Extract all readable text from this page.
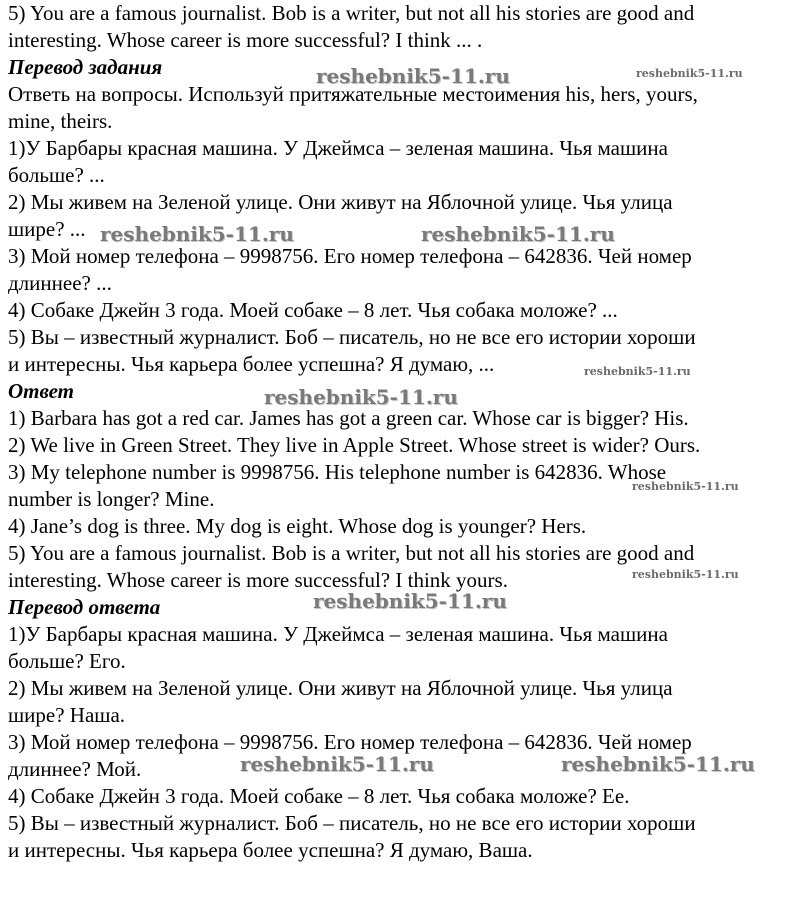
5) You are a famous journalist. Bob is a writer, but not all his stories are good and
interesting. Whose career is more successful? I think ... .
Перевод задания
Ответь на вопросы. Используй притяжательные местоимения his, hers, yours,
mine, theirs.
1)У Барбары красная машина. У Джеймса – зеленая машина. Чья машина
больше? ...
2) Мы живем на Зеленой улице. Они живут на Яблочной улице. Чья улица
шире? ...
3) Мой номер телефона – 9998756. Его номер телефона – 642836. Чей номер
длиннее? ...
4) Собаке Джейн 3 года. Моей собаке – 8 лет. Чья собака моложе? ...
5) Вы – известный журналист. Боб – писатель, но не все его истории хороши
и интересны. Чья карьера более успешна? Я думаю, ...
Ответ
1) Barbara has got a red car. James has got a green car. Whose car is bigger? His.
2) We live in Green Street. They live in Apple Street. Whose street is wider? Ours.
3) My telephone number is 9998756. His telephone number is 642836. Whose
number is longer? Mine.
4) Jane’s dog is three. My dog is eight. Whose dog is younger? Hers.
5) You are a famous journalist. Bob is a writer, but not all his stories are good and
interesting. Whose career is more successful? I think yours.
Перевод ответа
1)У Барбары красная машина. У Джеймса – зеленая машина. Чья машина
больше? Его.
2) Мы живем на Зеленой улице. Они живут на Яблочной улице. Чья улица
шире? Наша.
3) Мой номер телефона – 9998756. Его номер телефона – 642836. Чей номер
длиннее? Мой.
4) Собаке Джейн 3 года. Моей собаке – 8 лет. Чья собака моложе? Ее.
5) Вы – известный журналист. Боб – писатель, но не все его истории хороши
и интересны. Чья карьера более успешна? Я думаю, Ваша.
reshebnik5-11.ru	reshebnik5-11.ru
reshebnik5-11.ru	reshebnik5-11.ru
reshebnik5-11.ru
reshebnik5-11.ru
reshebnik5-11.ru
reshebnik5-11.ru
reshebnik5-11.ru
reshebnik5-11.ru	reshebnik5-11.ru
